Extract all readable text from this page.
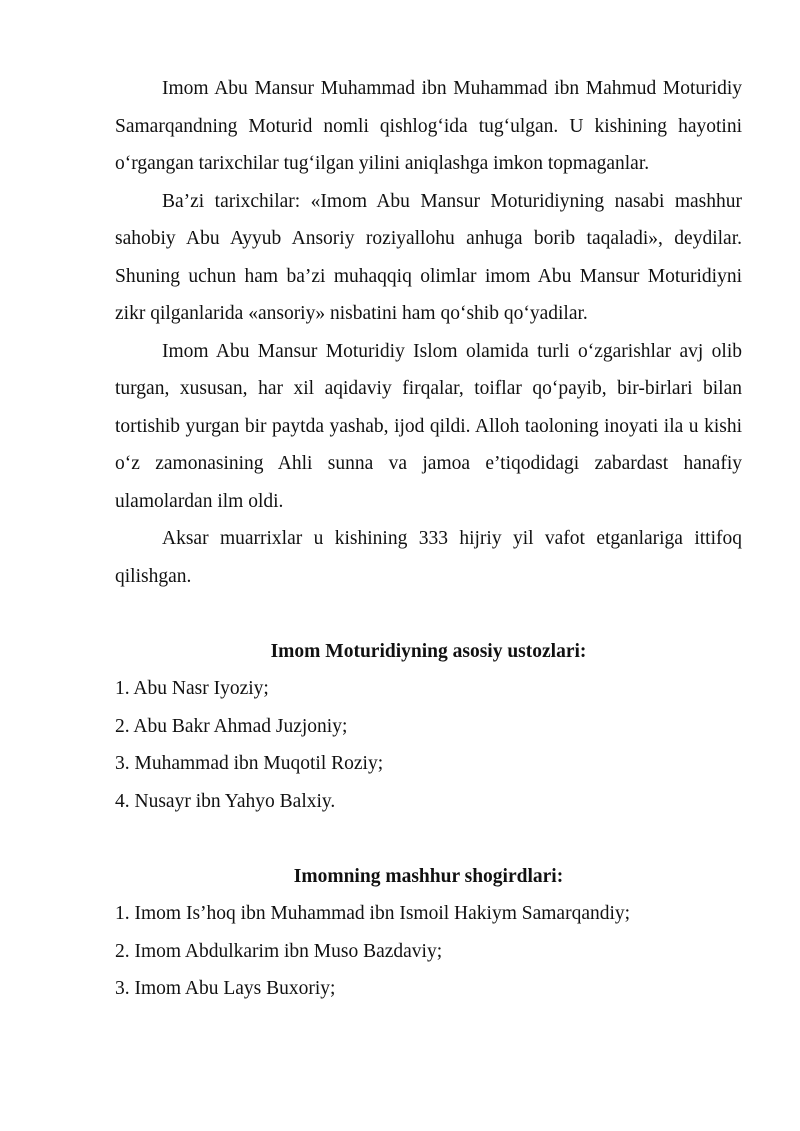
Imom Abu Mansur Muhammad ibn Muhammad ibn Mahmud Moturidiy Samarqandning Moturid nomli qishlog‘ida tug‘ulgan. U kishining hayotini o‘rgangan tarixchilar tug‘ilgan yilini aniqlashga imkon topmaganlar.

Ba’zi tarixchilar: «Imom Abu Mansur Moturidiyning nasabi mashhur sahobiy Abu Ayyub Ansoriy roziyallohu anhuga borib taqaladi», deydilar. Shuning uchun ham ba’zi muhaqqiq olimlar imom Abu Mansur Moturidiyni zikr qilganlarida «ansoriy» nisbatini ham qo‘shib qo‘yadilar.

Imom Abu Mansur Moturidiy Islom olamida turli o‘zgarishlar avj olib turgan, xususan, har xil aqidaviy firqalar, toiflar qo‘payib, bir-birlari bilan tortishib yurgan bir paytda yashab, ijod qildi. Alloh taoloning inoyati ila u kishi o‘z zamonasining Ahli sunna va jamoa e’tiqodidagi zabardast hanafiy ulamolardan ilm oldi.

Aksar muarrixlar u kishining 333 hijriy yil vafot etganlariga ittifoq qilishgan.

Imom Moturidiyning asosiy ustozlari:

1. Abu Nasr Iyoziy;
2. Abu Bakr Ahmad Juzjoniy;
3. Muhammad ibn Muqotil Roziy;
4. Nusayr ibn Yahyo Balxiy.

Imomning mashhur shogirdlari:

1. Imom Is’hoq ibn Muhammad ibn Ismoil Hakiym Samarqandiy;
2. Imom Abdulkarim ibn Muso Bazdaviy;
3. Imom Abu Lays Buxoriy;
